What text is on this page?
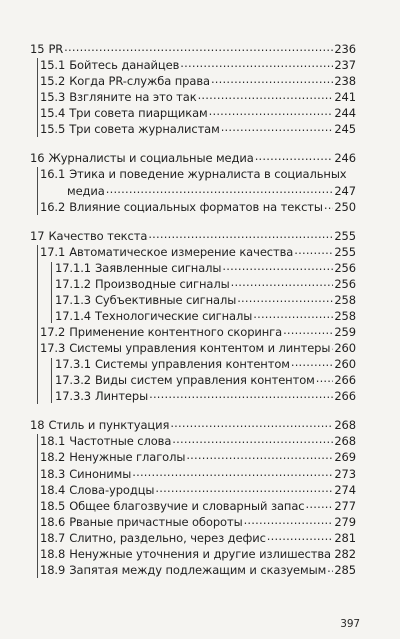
15 PR .....	236
15.1 Бойтесь данайцев .....	237
15.2 Когда PR-служба права .....	238
15.3 Взгляните на это так .....	241
15.4 Три совета пиарщикам .....	244
15.5 Три совета журналистам .....	245
16 Журналисты и социальные медиа .....	246
16.1 Этика и поведение журналиста в социальных
медиа .....	247
16.2 Влияние социальных форматов на тексты ..... 250
17 Качество текста .....	255
17.1 Автоматическое измерение качества .....	255
17.1.1 Заявленные сигналы .....	256
17.1.2 Производные сигналы .....	256
17.1.3 Субъективные сигналы .....	258
17.1.4 Технологические сигналы .....	258
17.2 Применение контентного скоринга .....	259
17.3 Системы управления контентом и линтеры ..... 260
17.3.1 Системы управления контентом .....	260
17.3.2 Виды систем управления контентом ..... 266
17.3.3 Линтеры .....	266
18 Стиль и пунктуация .....	268
18.1 Частотные слова .....	268
18.2 Ненужные глаголы .....	269
18.3 Синонимы .....	273
18.4 Слова-уродцы .....	274
18.5 Общее благозвучие и словарный запас .....	277
18.6 Рваные причастные обороты .....	279
18.7 Слитно, раздельно, через дефис .....	281
18.8 Ненужные уточнения и другие излишества ..... 282
18.9 Запятая между подлежащим и сказуемым ..... 285
397
